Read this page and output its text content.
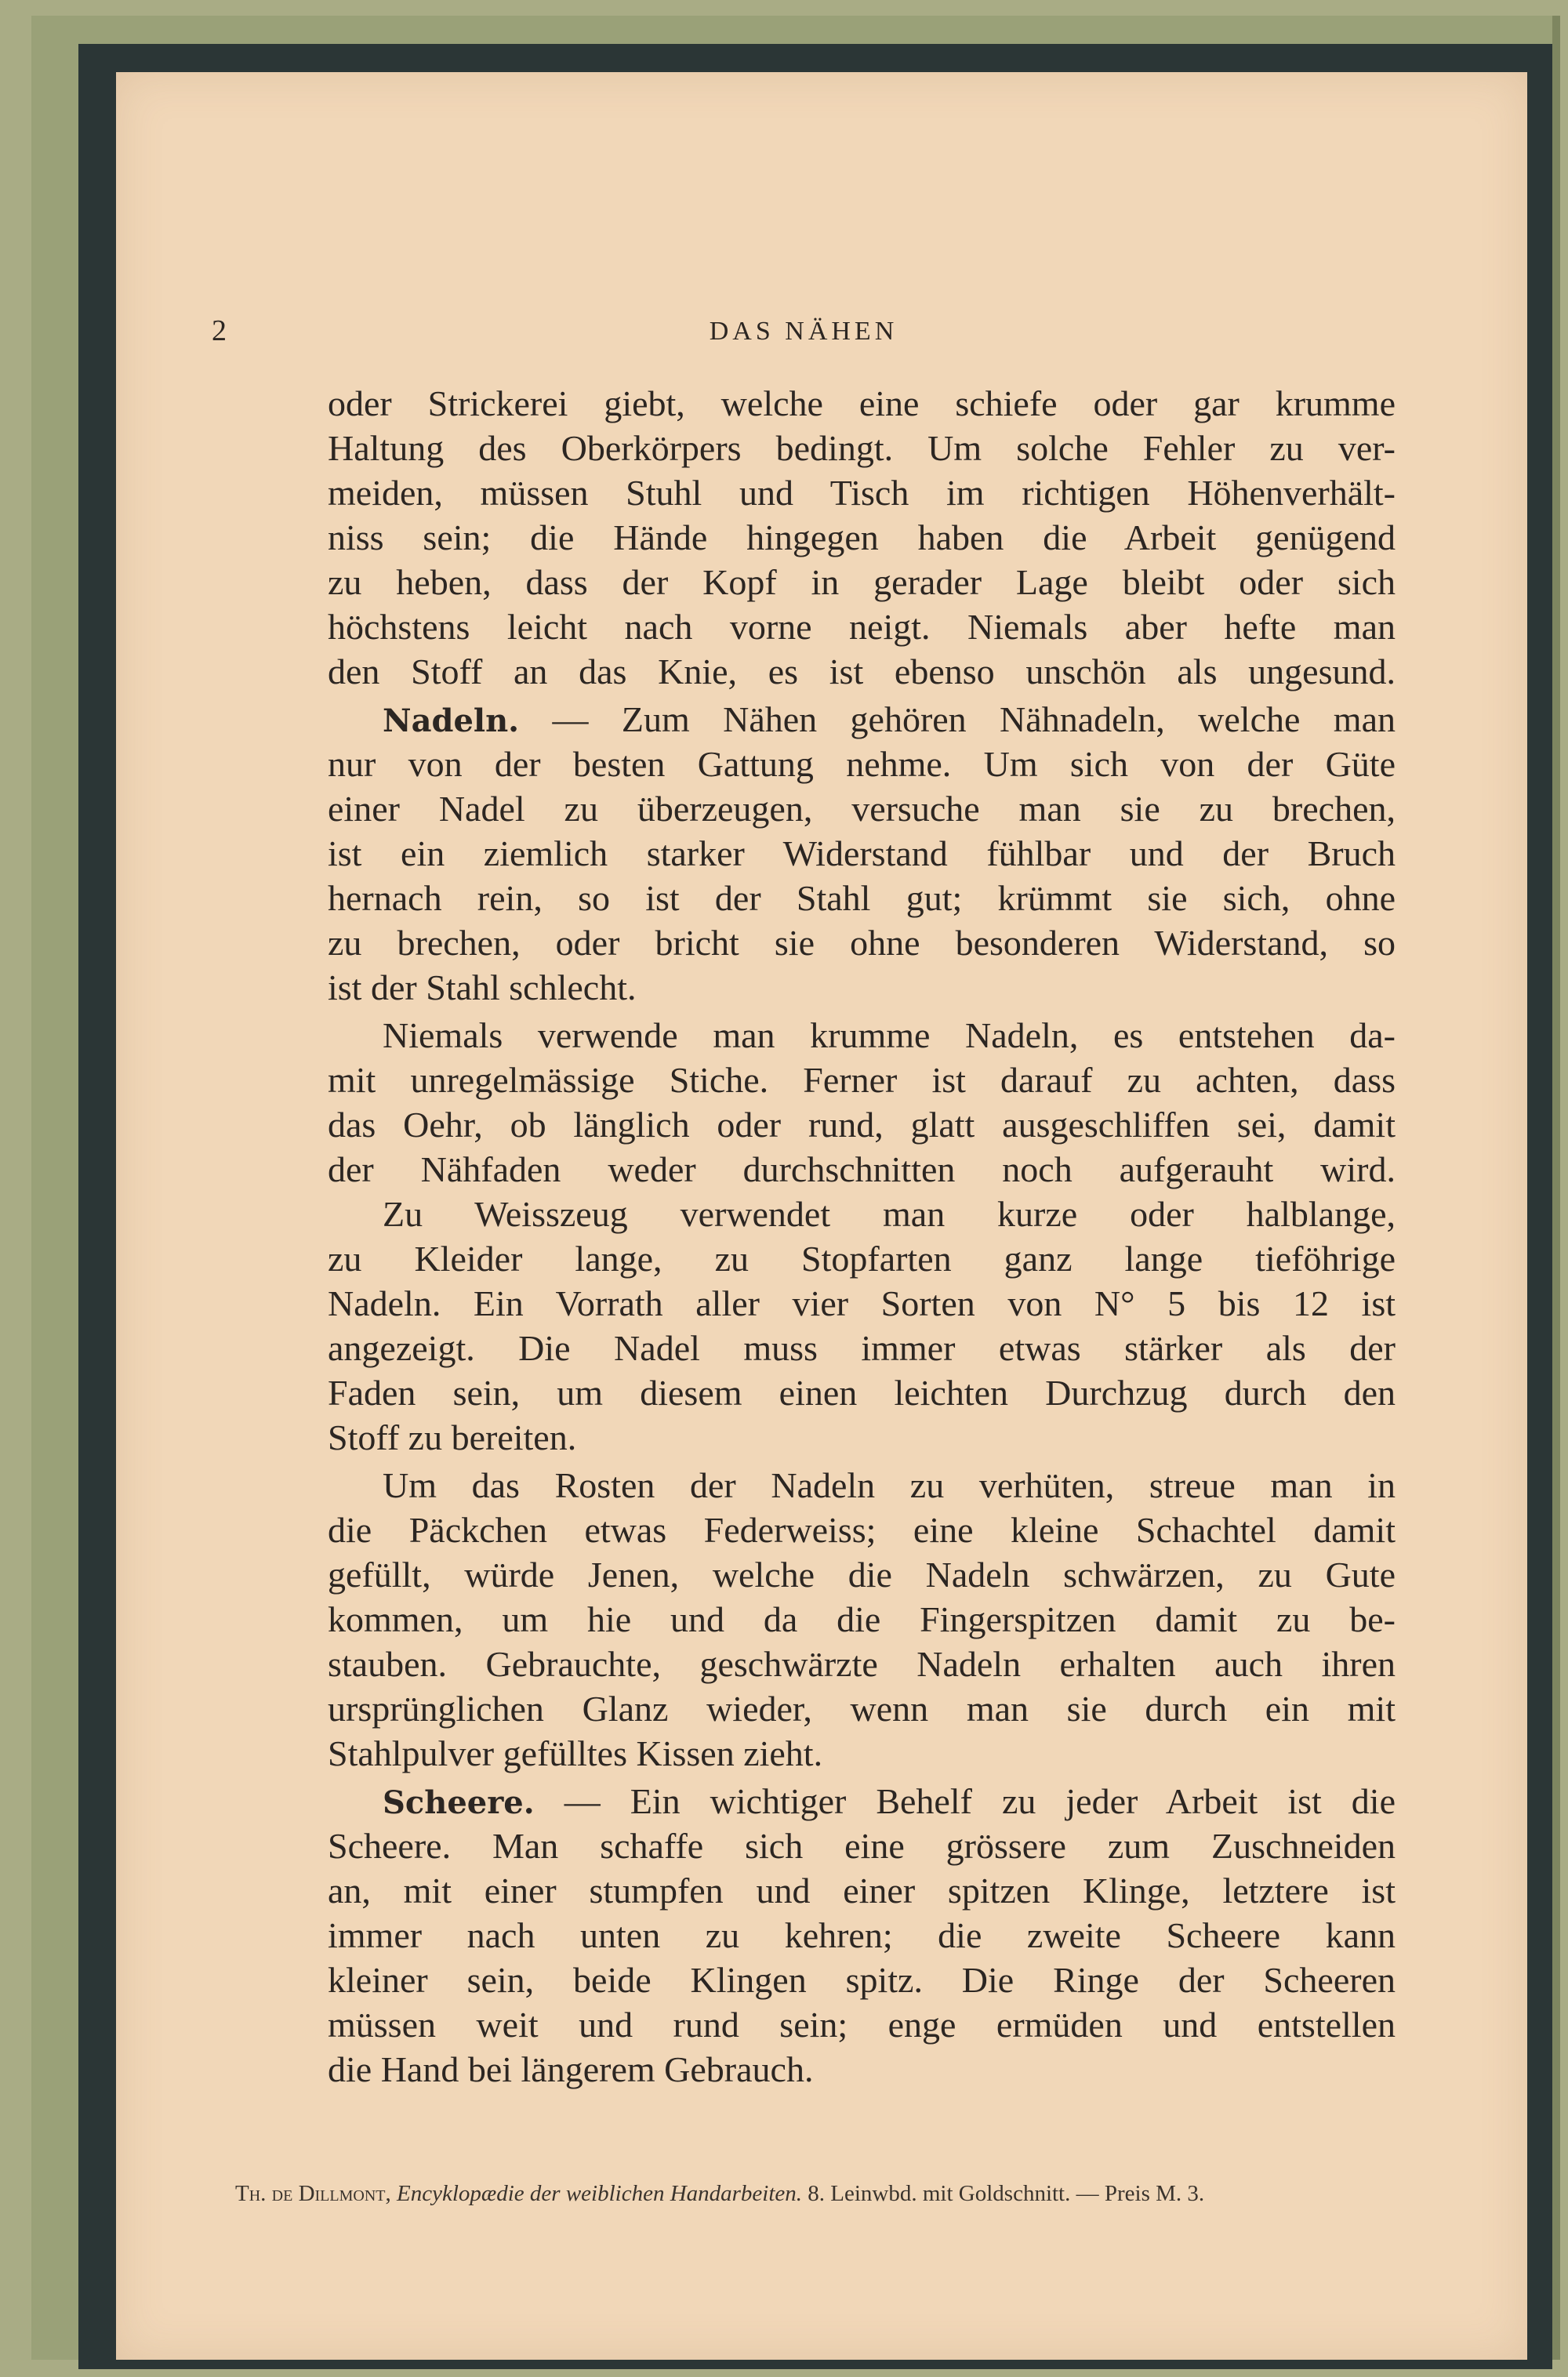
2	DAS NÄHEN
oder Strickerei giebt, welche eine schiefe oder gar krumme
Haltung des Oberkörpers bedingt. Um solche Fehler zu ver-
meiden, müssen Stuhl und Tisch im richtigen Höhenverhält-
niss sein; die Hände hingegen haben die Arbeit genügend
zu heben, dass der Kopf in gerader Lage bleibt oder sich
höchstens leicht nach vorne neigt. Niemals aber hefte man
den Stoff an das Knie, es ist ebenso unschön als ungesund.
Nadeln. — Zum Nähen gehören Nähnadeln, welche man
nur von der besten Gattung nehme. Um sich von der Güte
einer Nadel zu überzeugen, versuche man sie zu brechen,
ist ein ziemlich starker Widerstand fühlbar und der Bruch
hernach rein, so ist der Stahl gut; krümmt sie sich, ohne
zu brechen, oder bricht sie ohne besonderen Widerstand, so
ist der Stahl schlecht.
Niemals verwende man krumme Nadeln, es entstehen da-
mit unregelmässige Stiche. Ferner ist darauf zu achten, dass
das Oehr, ob länglich oder rund, glatt ausgeschliffen sei, damit
der Nähfaden weder durchschnitten noch aufgerauht wird.
Zu Weisszeug verwendet man kurze oder halblange,
zu Kleider lange, zu Stopfarten ganz lange tieföhrige
Nadeln. Ein Vorrath aller vier Sorten von N° 5 bis 12 ist
angezeigt. Die Nadel muss immer etwas stärker als der
Faden sein, um diesem einen leichten Durchzug durch den
Stoff zu bereiten.
Um das Rosten der Nadeln zu verhüten, streue man in
die Päckchen etwas Federweiss; eine kleine Schachtel damit
gefüllt, würde Jenen, welche die Nadeln schwärzen, zu Gute
kommen, um hie und da die Fingerspitzen damit zu be-
stauben. Gebrauchte, geschwärzte Nadeln erhalten auch ihren
ursprünglichen Glanz wieder, wenn man sie durch ein mit
Stahlpulver gefülltes Kissen zieht.
Scheere. — Ein wichtiger Behelf zu jeder Arbeit ist die
Scheere. Man schaffe sich eine grössere zum Zuschneiden
an, mit einer stumpfen und einer spitzen Klinge, letztere ist
immer nach unten zu kehren; die zweite Scheere kann
kleiner sein, beide Klingen spitz. Die Ringe der Scheeren
müssen weit und rund sein; enge ermüden und entstellen
die Hand bei längerem Gebrauch.
Th. de Dillmont, Encyklopædie der weiblichen Handarbeiten. 8. Leinwbd. mit Goldschnitt. — Preis M. 3.
